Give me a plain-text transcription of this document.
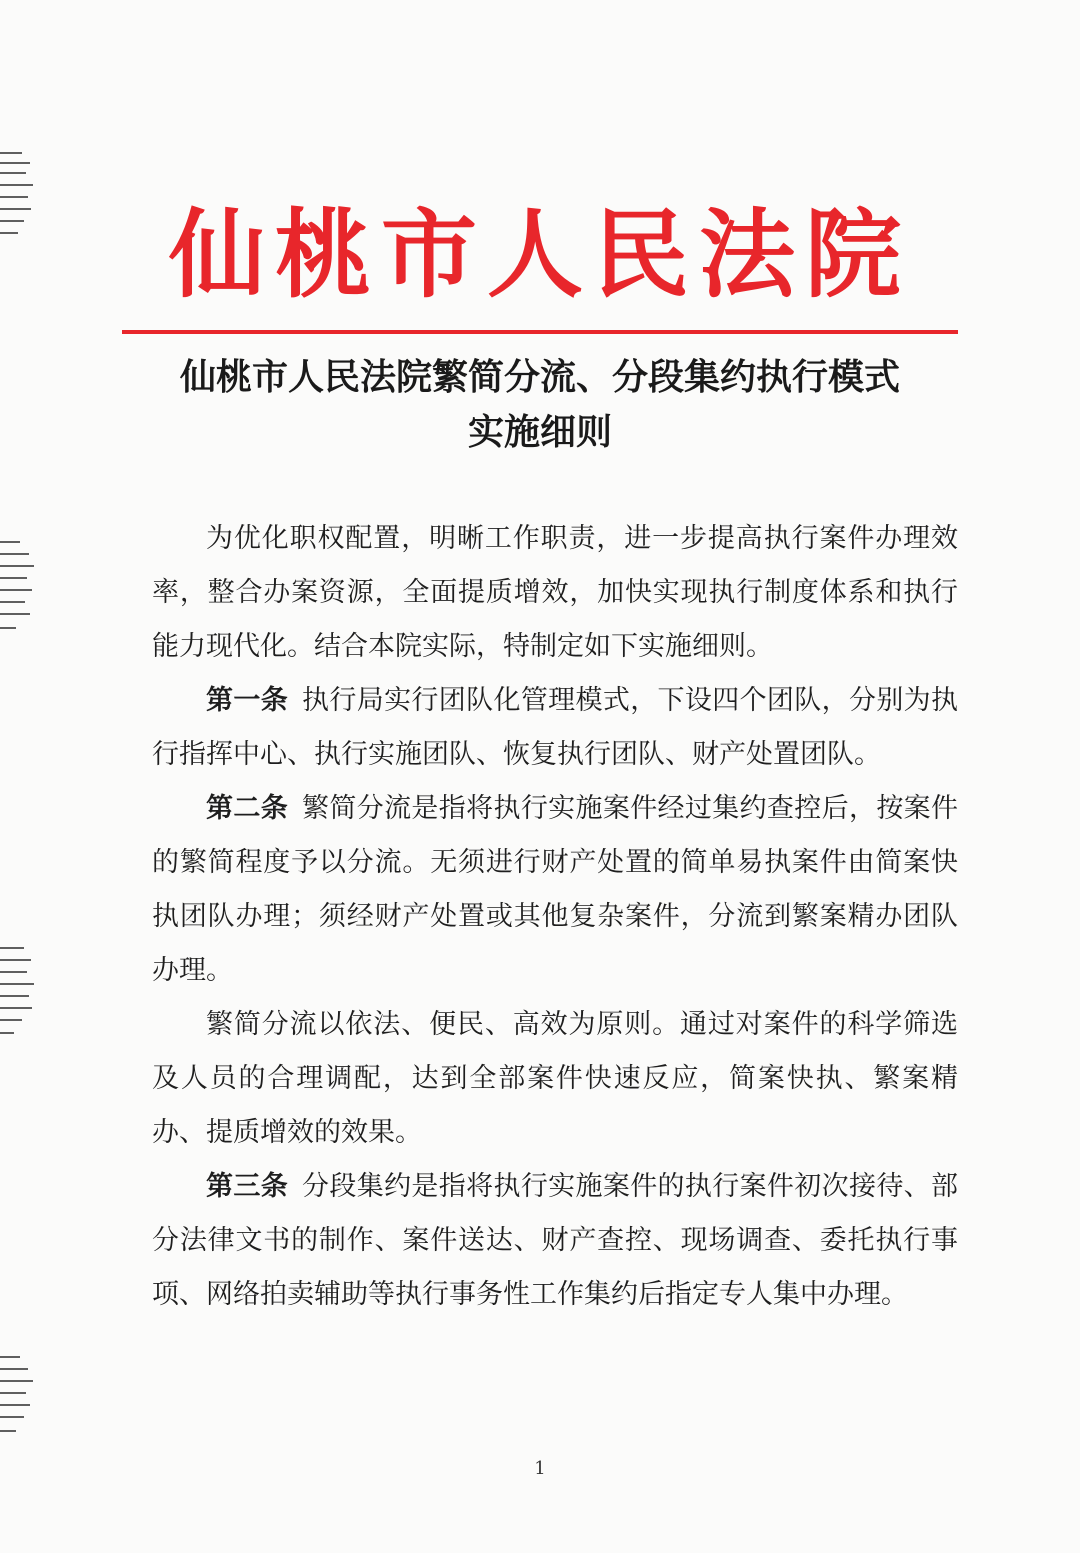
仙桃市人民法院
仙桃市人民法院繁简分流、分段集约执行模式
实施细则

为优化职权配置，明晰工作职责，进一步提高执行案件办理效率，整合办案资源，全面提质增效，加快实现执行制度体系和执行能力现代化。结合本院实际，特制定如下实施细则。

第一条 执行局实行团队化管理模式，下设四个团队，分别为执行指挥中心、执行实施团队、恢复执行团队、财产处置团队。

第二条 繁简分流是指将执行实施案件经过集约查控后，按案件的繁简程度予以分流。无须进行财产处置的简单易执案件由简案快执团队办理；须经财产处置或其他复杂案件，分流到繁案精办团队办理。

繁简分流以依法、便民、高效为原则。通过对案件的科学筛选及人员的合理调配，达到全部案件快速反应，简案快执、繁案精办、提质增效的效果。

第三条 分段集约是指将执行实施案件的执行案件初次接待、部分法律文书的制作、案件送达、财产查控、现场调查、委托执行事项、网络拍卖辅助等执行事务性工作集约后指定专人集中办理。

1
